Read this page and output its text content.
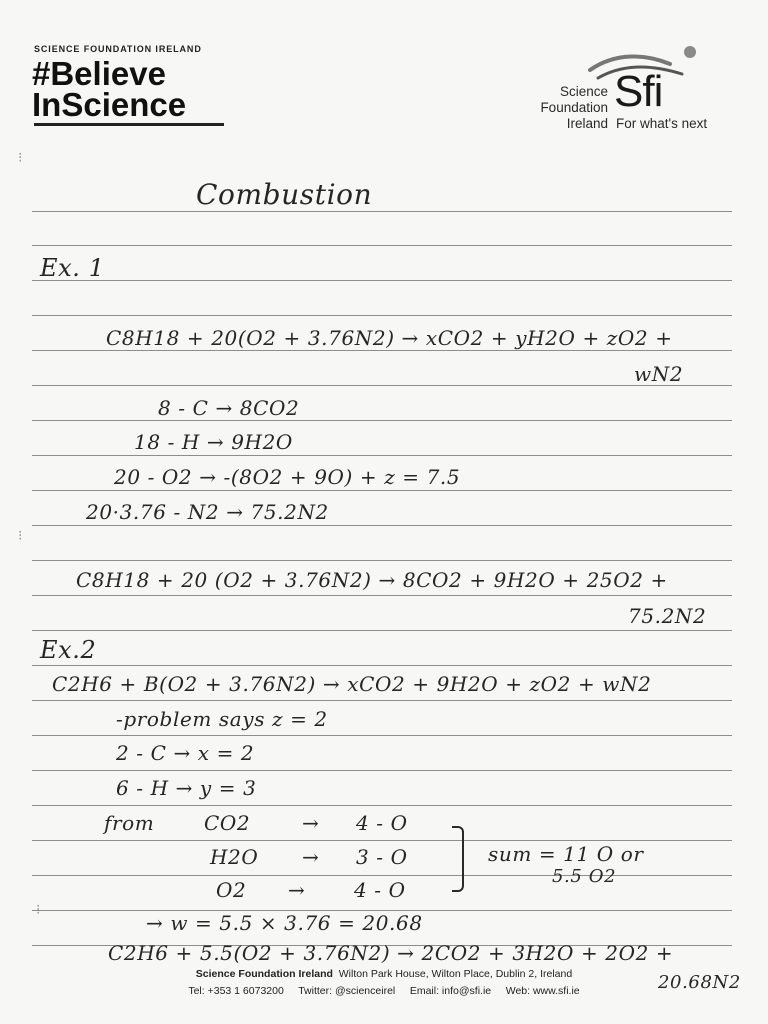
SCIENCE FOUNDATION IRELAND
#Believe
InScience	Science
Foundation
Ireland
Sfi
For what's next
⁝
⁝
⁝
Combustion
Ex. 1
C8H18 + 20(O2 + 3.76N2) → xCO2 + yH2O + zO2 +
wN2
8 - C → 8CO2
18 - H → 9H2O
20 - O2 → -(8O2 + 9O) + z = 7.5
20·3.76 - N2 → 75.2N2
C8H18 + 20 (O2 + 3.76N2) → 8CO2 + 9H2O + 25O2 +
75.2N2
Ex.2
C2H6 + B(O2 + 3.76N2) → xCO2 + 9H2O + zO2 + wN2
-problem says z = 2
2 - C → x = 2
6 - H → y = 3
from CO2	→ 4 - O
H2O → 3 - O
O2 → 4 - O
sum = 11 O or
5.5 O2
→ w = 5.5 × 3.76 = 20.68
C2H6 + 5.5(O2 + 3.76N2) → 2CO2 + 3H2O + 2O2 +
20.68N2
Science Foundation Ireland Wilton Park House, Wilton Place, Dublin 2, Ireland
Tel: +353 1 6073200 Twitter: @scienceirel Email: info@sfi.ie Web: www.sfi.ie
